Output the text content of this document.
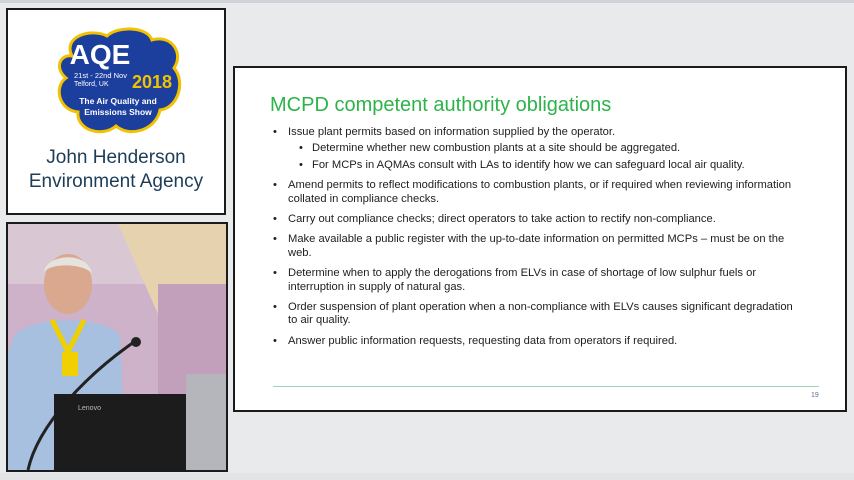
AQE
21st - 22nd Nov
Telford, UK 2018
The Air Quality and
Emissions Show
John Henderson
Environment Agency
Lenovo
MCPD competent authority obligations
• Issue plant permits based on information supplied by the operator.
• Determine whether new combustion plants at a site should be aggregated.
• For MCPs in AQMAs consult with LAs to identify how we can safeguard local air quality.
• Amend permits to reflect modifications to combustion plants, or if required when reviewing information collated in compliance checks.
• Carry out compliance checks; direct operators to take action to rectify non-compliance.
• Make available a public register with the up-to-date information on permitted MCPs – must be on the web.
• Determine when to apply the derogations from ELVs in case of shortage of low sulphur fuels or interruption in supply of natural gas.
• Order suspension of plant operation when a non-compliance with ELVs causes significant degradation to air quality.
• Answer public information requests, requesting data from operators if required.
19
